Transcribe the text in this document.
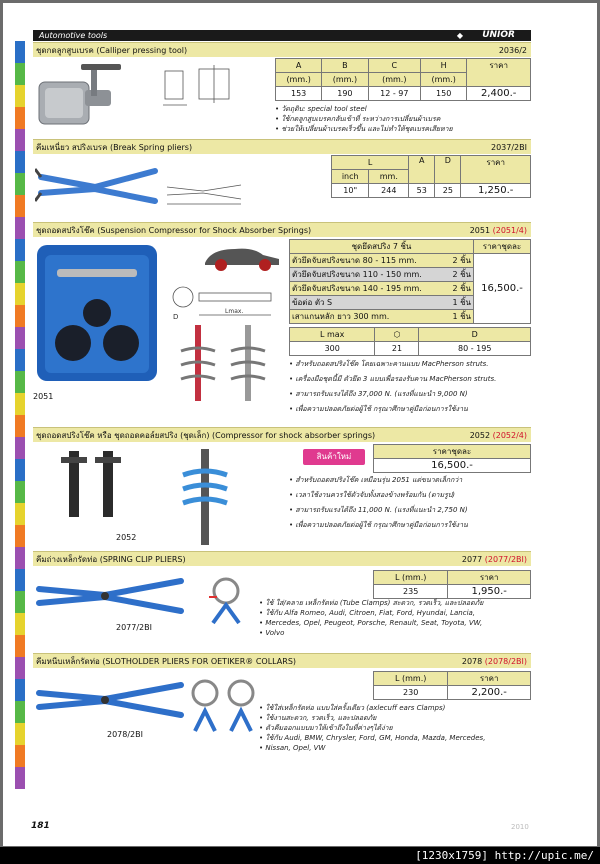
Automotive tools	◆ UNIOR
ชุดกดลูกสูบเบรค (Calliper pressing tool)	2036/2
A	B	C	H	ราคา
(mm.)	(mm.)	(mm.)	(mm.)	
153	190	12 - 97	150	2,400.-
• วัตถุดิบ: special tool steel
• ใช้กดลูกสูบเบรคกลับเข้าที่ ระหว่างการเปลี่ยนผ้าเบรค
• ช่วยให้เปลี่ยนผ้าเบรคเร็วขึ้น และไม่ทำให้ชุดเบรคเสียหาย
คีมเหนี่ยว สปริงเบรค (Break Spring pliers)	2037/2BI
L		A	D	ราคา
inch	mm.			
10"	244	53	25	1,250.-
ชุดถอดสปริงโช๊ค (Suspension Compressor for Shock Absorber Springs)	2051 (2051/4)
2051
D
Lmax.
ชุดยึดสปริง 7 ชิ้น	ราคาชุดละ
ตัวยึดจับสปริงขนาด 80 - 115 mm. 2 ชิ้น	16,500.-
ตัวยึดจับสปริงขนาด 110 - 150 mm. 2 ชิ้น	

ตัวยึดจับสปริงขนาด 140 - 195 mm. 2 ชิ้น	

ข้อต่อ ตัว S 1 ชิ้น	

เสาแกนหลัก ยาว 300 mm. 1 ชิ้น	
L max	⬡	D
300	21	80 - 195
• สำหรับถอดสปริงโช๊ค โดยเฉพาะคานแบบ MacPherson struts.
• เครื่องมือชุดนี้มี ตัวยึด 3 แบบเพื่อรองรับคาน MacPherson struts.
• สามารถรับแรงได้ถึง 37,000 N. (แรงที่แนะนำ 9,000 N)
• เพื่อความปลอดภัยต่อผู้ใช้ กรุณาศึกษาคู่มือก่อนการใช้งาน
ชุดถอดสปริงโช๊ค หรือ ชุดถอดคอล์ยสปริง (ชุดเล็ก) (Compressor for shock absorber springs)	2052 (2052/4)
2052
สินค้าใหม่
ราคาชุดละ
16,500.-
• สำหรับถอดสปริงโช๊ค เหมือนรุ่น 2051 แต่ขนาดเล็กกว่า
• เวลาใช้งานควรใช้ตัวจับทั้งสองข้างพร้อมกัน (ตามรูป)
• สามารถรับแรงได้ถึง 11,000 N. (แรงที่แนะนำ 2,750 N)
• เพื่อความปลอดภัยต่อผู้ใช้ กรุณาศึกษาคู่มือก่อนการใช้งาน
คีมถ่างเหล็กรัดท่อ (SPRING CLIP PLIERS)	2077 (2077/2BI)
2077/2BI
L (mm.)	ราคา
235	1,950.-
• ใช้ ใส่/คลาย เหล็กรัดท่อ (Tube Clamps) สะดวก, รวดเร็ว, และปลอดภัย
• ใช้กับ Alfa Romeo, Audi, Citroen, Fiat, Ford, Hyundai, Lancia,
• Mercedes, Opel, Peugeot, Porsche, Renault, Seat, Toyota, VW,
• Volvo
คีมหนีบเหล็กรัดท่อ (SLOTHOLDER PLIERS FOR OETIKER® COLLARS)	2078 (2078/2BI)
2078/2BI
L (mm.)	ราคา
230	2,200.-
• ใช้ใส่เหล็กรัดท่อ แบบใส่ครั้งเดียว (axlecuff ears Clamps)
• ใช้งานสะดวก, รวดเร็ว, และปลอดภัย
• ตัวคีมออกแบบมาให้เข้าถึงในที่ค่างๆได้ง่าย
• ใช้กับ Audi, BMW, Chrysler, Ford, GM, Honda, Mazda, Mercedes,
• Nissan, Opel, VW
181	2010
[1230x1759] http://upic.me/
